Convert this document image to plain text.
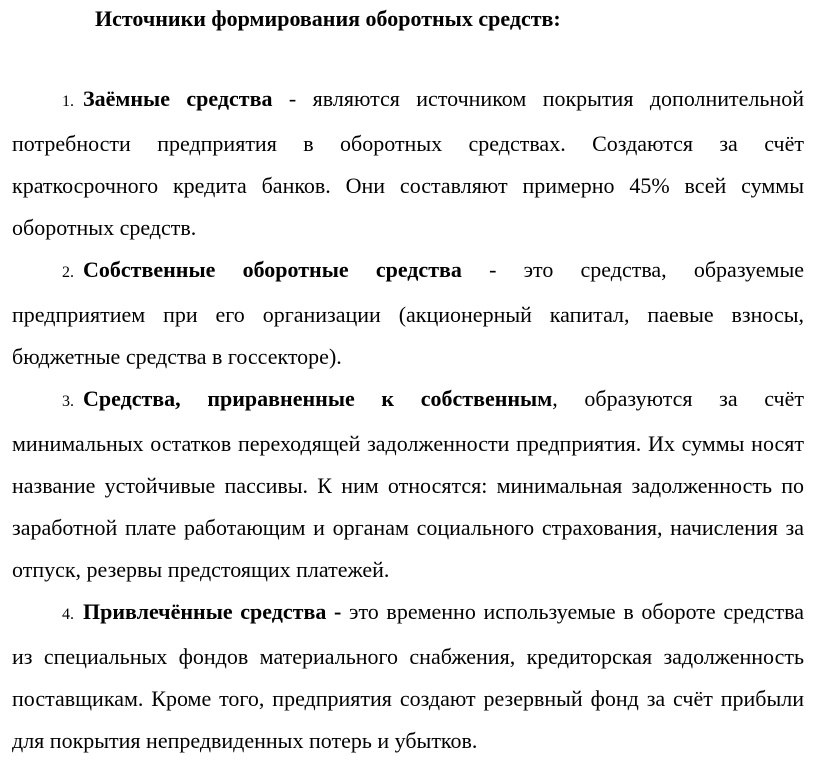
Источники формирования оборотных средств:

1. Заёмные средства - являются источником покрытия дополнительной потребности предприятия в оборотных средствах. Создаются за счёт краткосрочного кредита банков. Они составляют примерно 45% всей суммы оборотных средств.

2. Собственные оборотные средства - это средства, образуемые предприятием при его организации (акционерный капитал, паевые взносы, бюджетные средства в госсекторе).

3. Средства, приравненные к собственным, образуются за счёт минимальных остатков переходящей задолженности предприятия. Их суммы носят название устойчивые пассивы. К ним относятся: минимальная задолженность по заработной плате работающим и органам социального страхования, начисления за отпуск, резервы предстоящих платежей.

4. Привлечённые средства - это временно используемые в обороте средства из специальных фондов материального снабжения, кредиторская задолженность поставщикам. Кроме того, предприятия создают резервный фонд за счёт прибыли для покрытия непредвиденных потерь и убытков.
